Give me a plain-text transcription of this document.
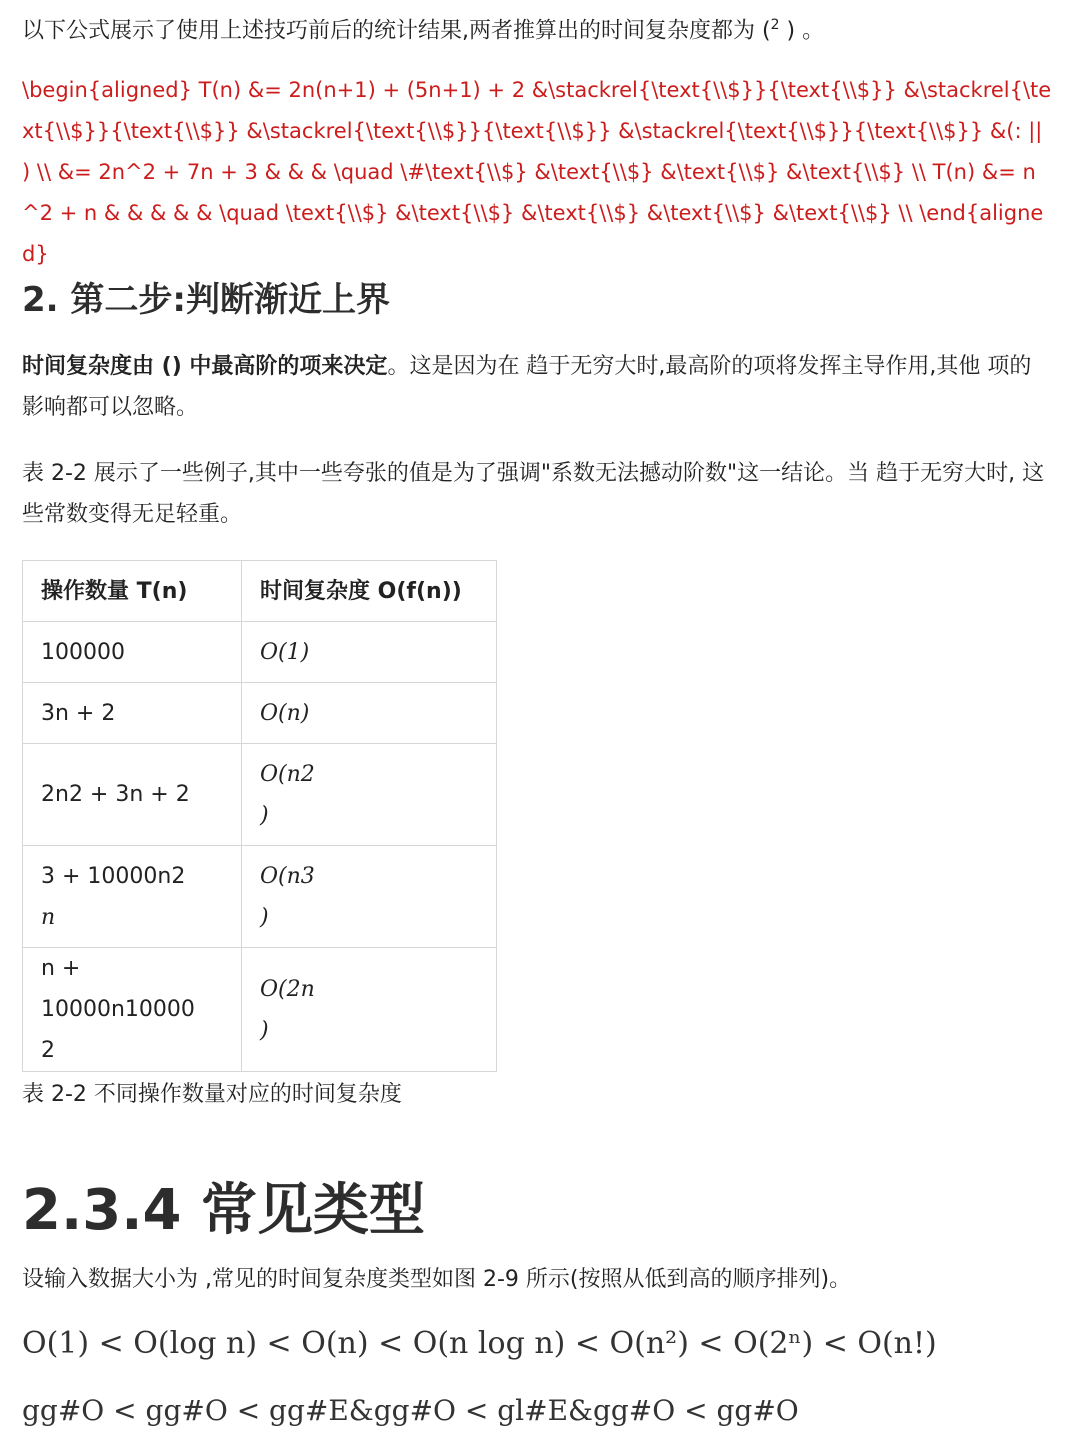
以下公式展示了使用上述技巧前后的统计结果,两者推算出的时间复杂度都为 ($^2$ ) 。

\begin{aligned} T(n) &= 2n(n+1) + (5n+1) + 2 &\stackrel{\text{\\$}}{\text{\\$}} &\stackrel{\text{\\$}}{\text{\\$}} &\stackrel{\text{\\$}}{\text{\\$}} &\stackrel{\text{\\$}}{\text{\\$}} &(: || ) \\ &= 2n^2 + 7n + 3 & & & \quad \#\text{\\$} &\text{\\$} &\text{\\$} &\text{\\$} \\ T(n) &= n^2 + n & & & & & \quad \text{\\$} &\text{\\$} &\text{\\$} &\text{\\$} &\text{\\$} \\ \end{aligned}

2. 第二步:判断渐近上界

时间复杂度由 () 中最高阶的项来决定。这是因为在 趋于无穷大时,最高阶的项将发挥主导作用,其他 项的影响都可以忽略。

表 2-2 展示了一些例子,其中一些夸张的值是为了强调"系数无法撼动阶数"这一结论。当 趋于无穷大时, 这些常数变得无足轻重。

操作数量 T(n)	时间复杂度 O(f(n))
100000	O(1)
3n + 2	O(n)
2n2 + 3n + 2	O(n2
)
3 + 10000n2
n	O(n3
)
n + 10000n10000
2	O(2n
)

表 2-2 不同操作数量对应的时间复杂度

2.3.4 常见类型

设输入数据大小为 ,常见的时间复杂度类型如图 2-9 所示(按照从低到高的顺序排列)。

O(1) < O(log n) < O(n) < O(n log n) < O(n²) < O(2ⁿ) < O(n!)

gg#O < gg#O < gg#E&gg#O < gl#E&gg#O < gg#O
